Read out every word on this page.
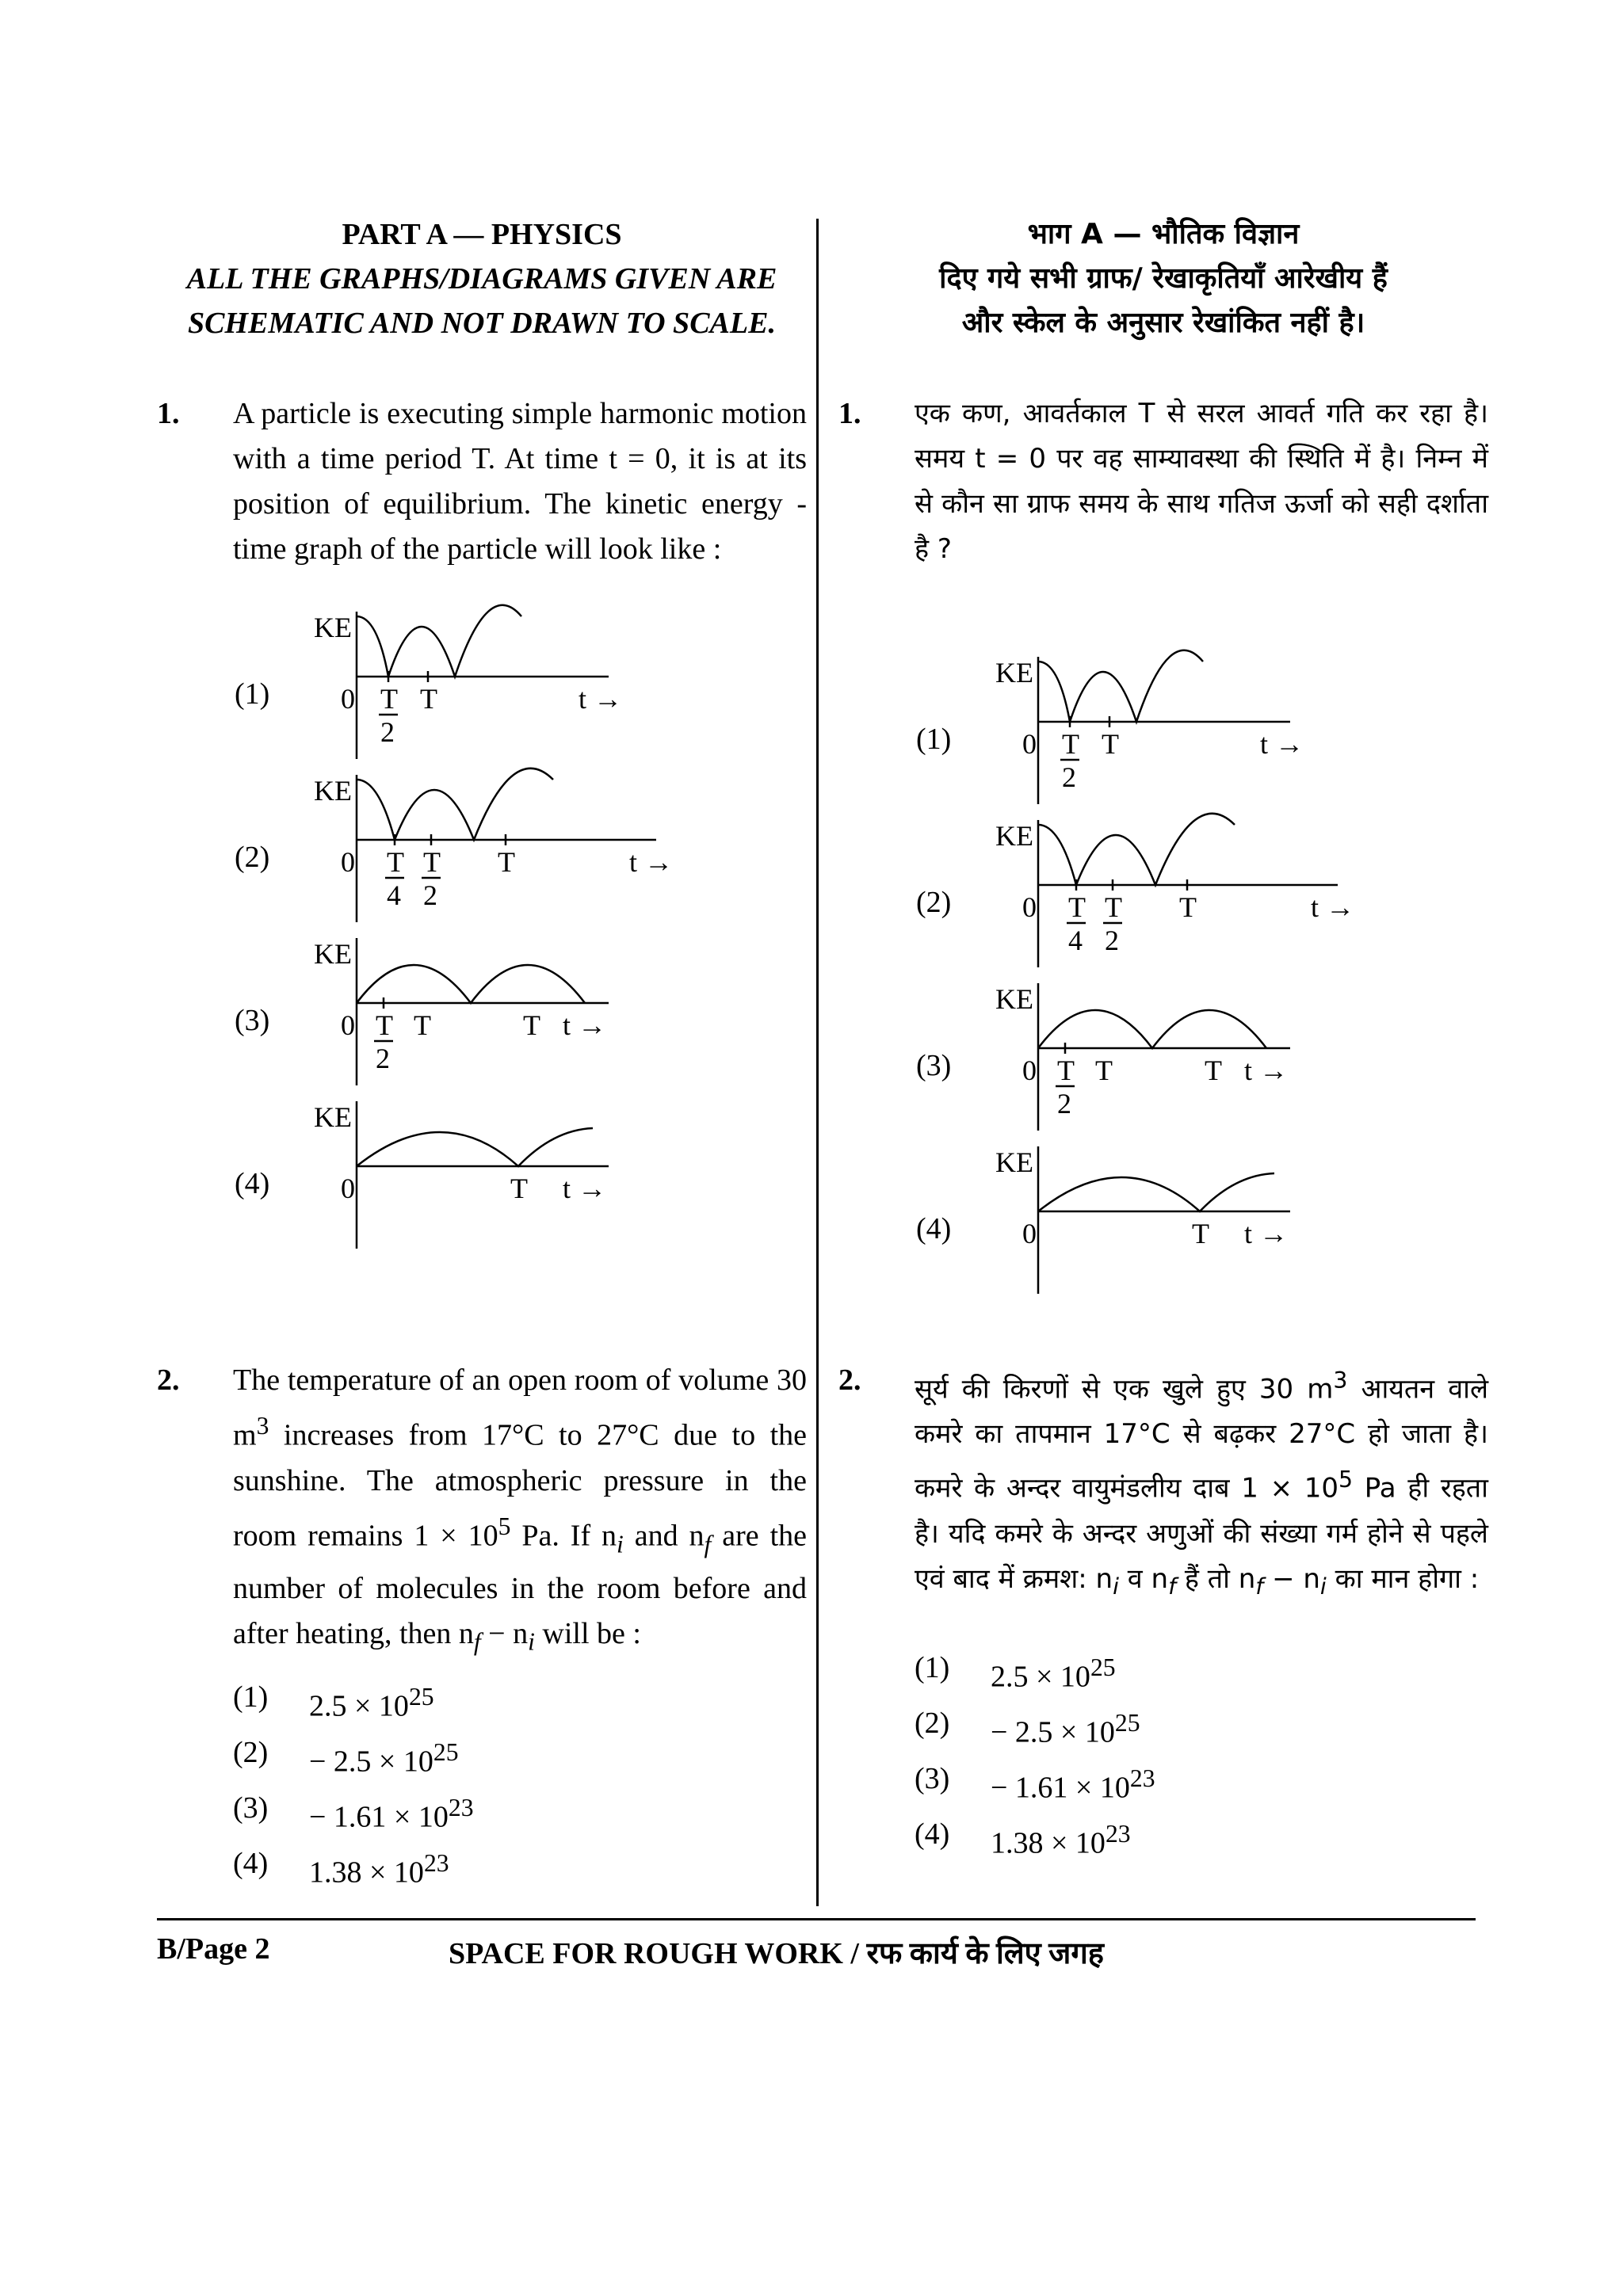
PART A — PHYSICS
ALL THE GRAPHS/DIAGRAMS GIVEN ARE
SCHEMATIC AND NOT DRAWN TO SCALE.
1. A particle is executing simple harmonic motion with a time period T. At time t = 0, it is at its position of equilibrium. The kinetic energy - time graph of the particle will look like :
(1)
KE
0 T
2
T	t →
(2)
KE
0 T
4
T
2
T	t →
(3)
KE
0 T
2
T	T t →
(4)
KE
0	T t →
2. The temperature of an open room of volume 30 $m^3$ increases from 17°C to 27°C due to the sunshine. The atmospheric pressure in the room remains $1 \times 10^5$ Pa. If $n_i$ and $n_f$ are the number of molecules in the room before and after heating, then $n_f - n_i$ will be :
(1) $2.5 \times 10^{25}$
$(2) - 2.5 \times 10^{25}$
$(3) - 1.61 \times 10^{23}$
(4) $1.38 \times 10^{23}$
भाग A — भौतिक विज्ञान
दिए गये सभी ग्राफ/ रेखाकृतियाँ आरेखीय हैं
और स्केल के अनुसार रेखांकित नहीं है।
1. एक कण, आवर्तकाल T से सरल आवर्त गति कर रहा है। समय t = 0 पर वह साम्यावस्था की स्थिति में है। निम्न में से कौन सा ग्राफ समय के साथ गतिज ऊर्जा को सही दर्शाता है ?
(1)
KE
0 T
2
T	t →
(2)
KE
0 T
4
T
2
T	t →
(3)
KE
0 T
2
T	T t →
(4)
KE
0	T t →
2. सूर्य की किरणों से एक खुले हुए 30 $m^3$ आयतन वाले कमरे का तापमान 17°C से बढ़कर 27°C हो जाता है। कमरे के अन्दर वायुमंडलीय दाब $1 \times 10^5$ Pa ही रहता है। यदि कमरे के अन्दर अणुओं की संख्या गर्म होने से पहले एवं बाद में क्रमश: $n_i$ व $n_f$ हैं तो $n_f - n_i$ का मान होगा :
(1) $2.5 \times 10^{25}$
$(2) - 2.5 \times 10^{25}$
$(3) - 1.61 \times 10^{23}$
(4) $1.38 \times 10^{23}$
B/Page 2	SPACE FOR ROUGH WORK / रफ कार्य के लिए जगह
